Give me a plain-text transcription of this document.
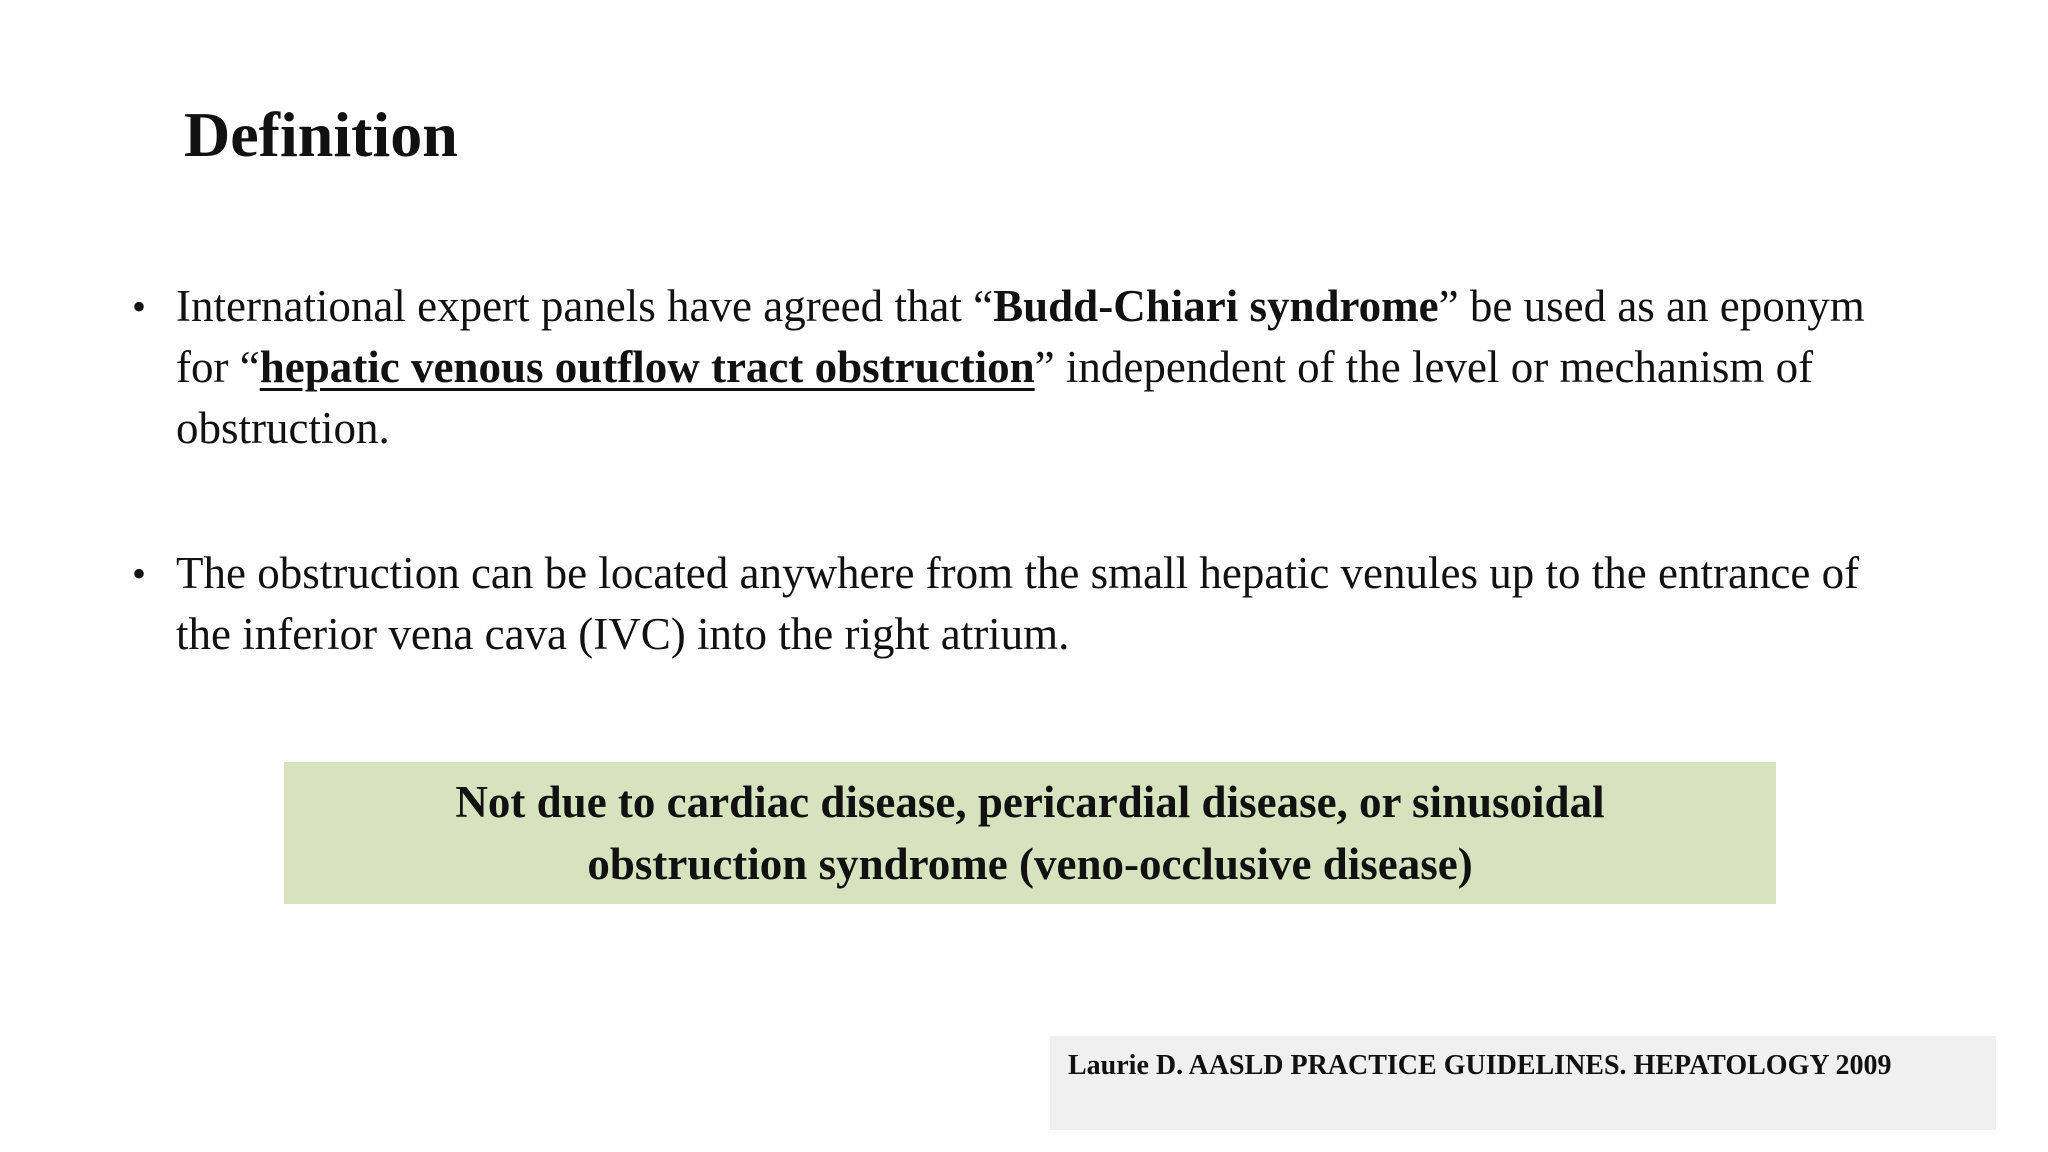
Definition
• International expert panels have agreed that “Budd-Chiari syndrome” be used as an eponym for “hepatic venous outflow tract obstruction” independent of the level or mechanism of obstruction.
• The obstruction can be located anywhere from the small hepatic venules up to the entrance of the inferior vena cava (IVC) into the right atrium.
Not due to cardiac disease, pericardial disease, or sinusoidal obstruction syndrome (veno-occlusive disease)
Laurie D. AASLD PRACTICE GUIDELINES. HEPATOLOGY 2009
